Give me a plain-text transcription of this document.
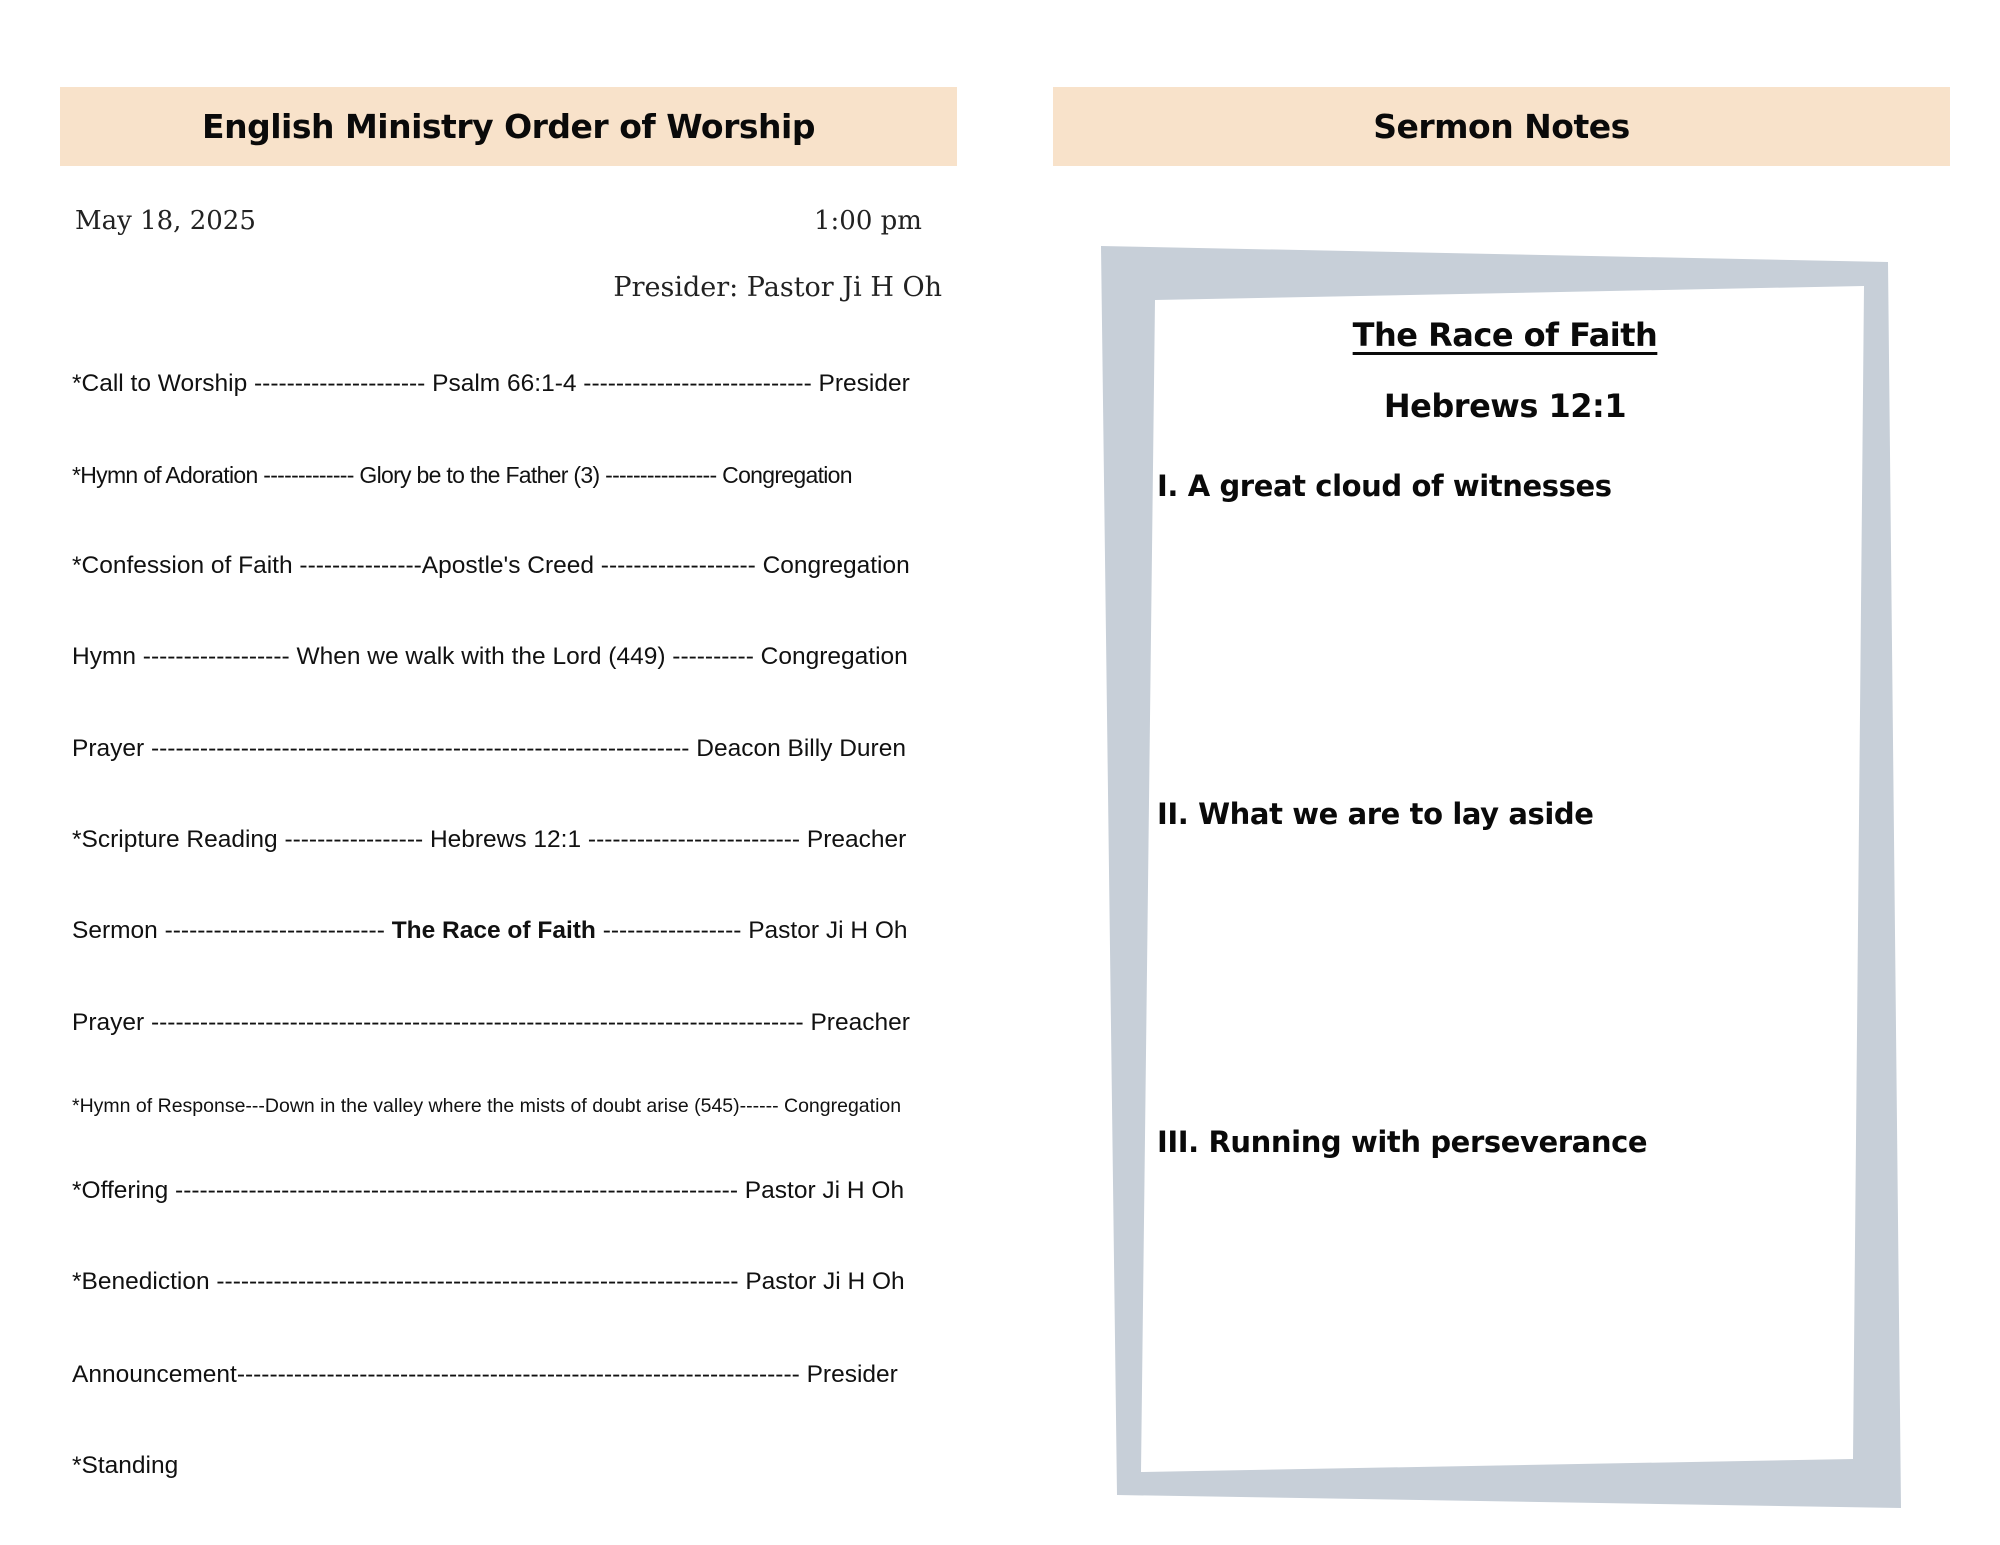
English Ministry Order of Worship	Sermon Notes
May 18, 2025	1:00 pm
Presider: Pastor Ji H Oh
*Call to Worship --------------------- Psalm 66:1-4 ---------------------------- Presider
*Hymn of Adoration ------------- Glory be to the Father (3) ---------------- Congregation
*Confession of Faith ---------------Apostle's Creed ------------------- Congregation
Hymn ------------------ When we walk with the Lord (449) ---------- Congregation
Prayer ------------------------------------------------------------------ Deacon Billy Duren
*Scripture Reading ----------------- Hebrews 12:1 -------------------------- Preacher
Sermon --------------------------- The Race of Faith ----------------- Pastor Ji H Oh
Prayer -------------------------------------------------------------------------------- Preacher
*Hymn of Response---Down in the valley where the mists of doubt arise (545)------ Congregation
*Offering --------------------------------------------------------------------- Pastor Ji H Oh
*Benediction ---------------------------------------------------------------- Pastor Ji H Oh
Announcement--------------------------------------------------------------------- Presider
*Standing
The Race of Faith
Hebrews 12:1
I. A great cloud of witnesses
II. What we are to lay aside
III. Running with perseverance
